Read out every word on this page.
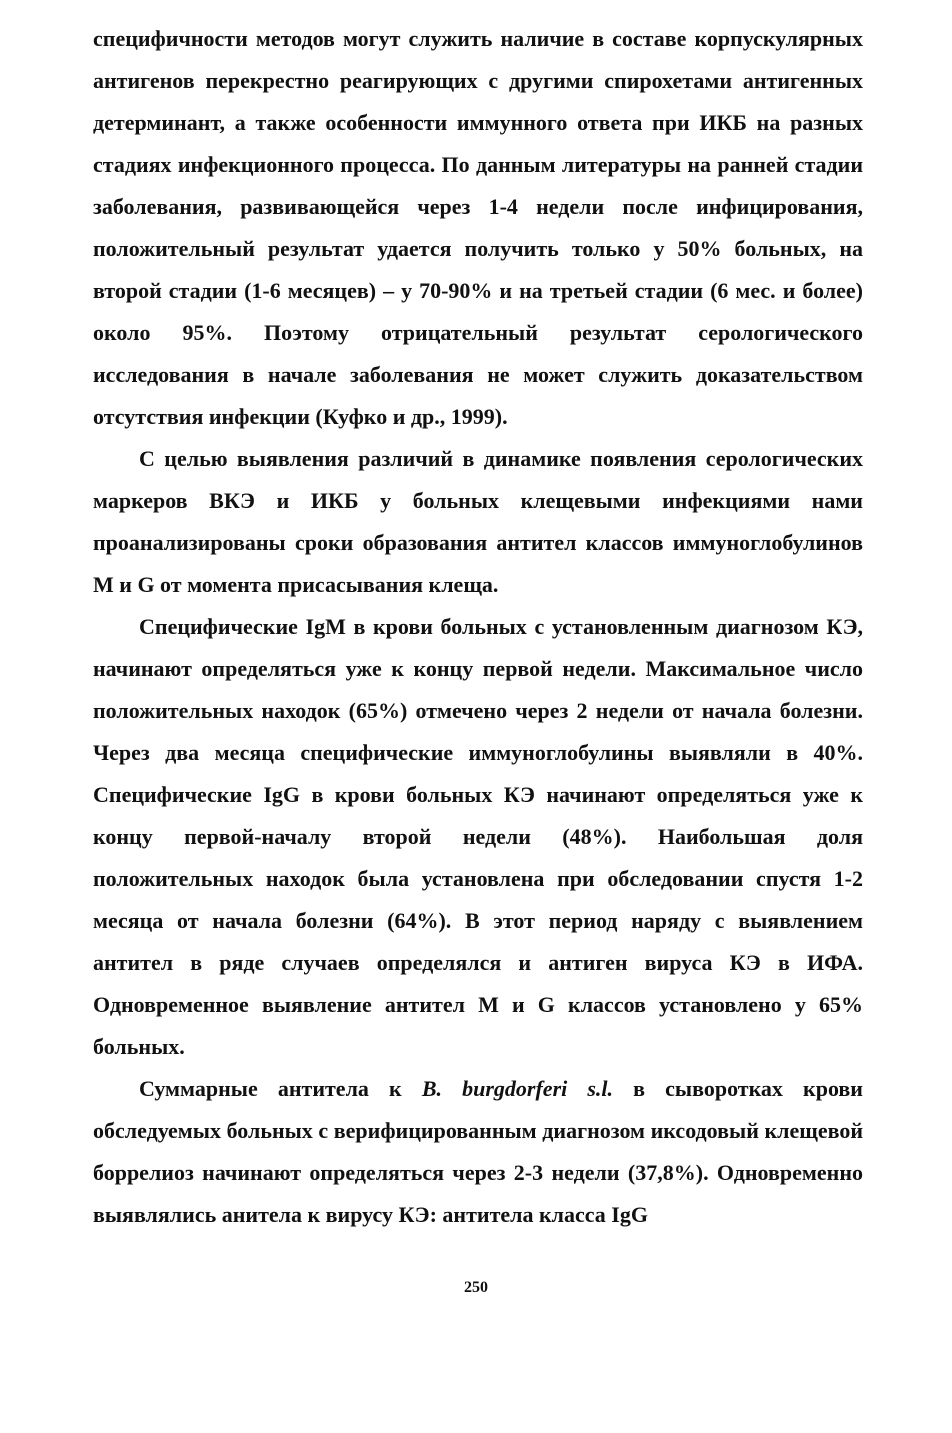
специфичности методов могут служить наличие в составе корпускулярных антигенов перекрестно реагирующих с другими спирохетами антигенных детерминант, а также особенности иммунного ответа при ИКБ на разных стадиях инфекционного процесса. По данным литературы на ранней стадии заболевания, развивающейся через 1-4 недели после инфицирования, положительный результат удается получить только у 50% больных, на второй стадии (1-6 месяцев) – у 70-90% и на третьей стадии (6 мес. и более) около 95%. Поэтому отрицательный результат серологического исследования в начале заболевания не может служить доказательством отсутствия инфекции (Куфко и др., 1999).

С целью выявления различий в динамике появления серологических маркеров ВКЭ и ИКБ у больных клещевыми инфекциями нами проанализированы сроки образования антител классов иммуноглобулинов М и G от момента присасывания клеща.

Специфические IgM в крови больных с установленным диагнозом КЭ, начинают определяться уже к концу первой недели. Максимальное число положительных находок (65%) отмечено через 2 недели от начала болезни. Через два месяца специфические иммуноглобулины выявляли в 40%. Специфические IgG в крови больных КЭ начинают определяться уже к концу первой-началу второй недели (48%). Наибольшая доля положительных находок была установлена при обследовании спустя 1-2 месяца от начала болезни (64%). В этот период наряду с выявлением антител в ряде случаев определялся и антиген вируса КЭ в ИФА. Одновременное выявление антител М и G классов установлено у 65% больных.

Суммарные антитела к B. burgdorferi s.l. в сыворотках крови обследуемых больных с верифицированным диагнозом иксодовый клещевой боррелиоз начинают определяться через 2-3 недели (37,8%). Одновременно выявлялись анитела к вирусу КЭ: антитела класса IgG

250
